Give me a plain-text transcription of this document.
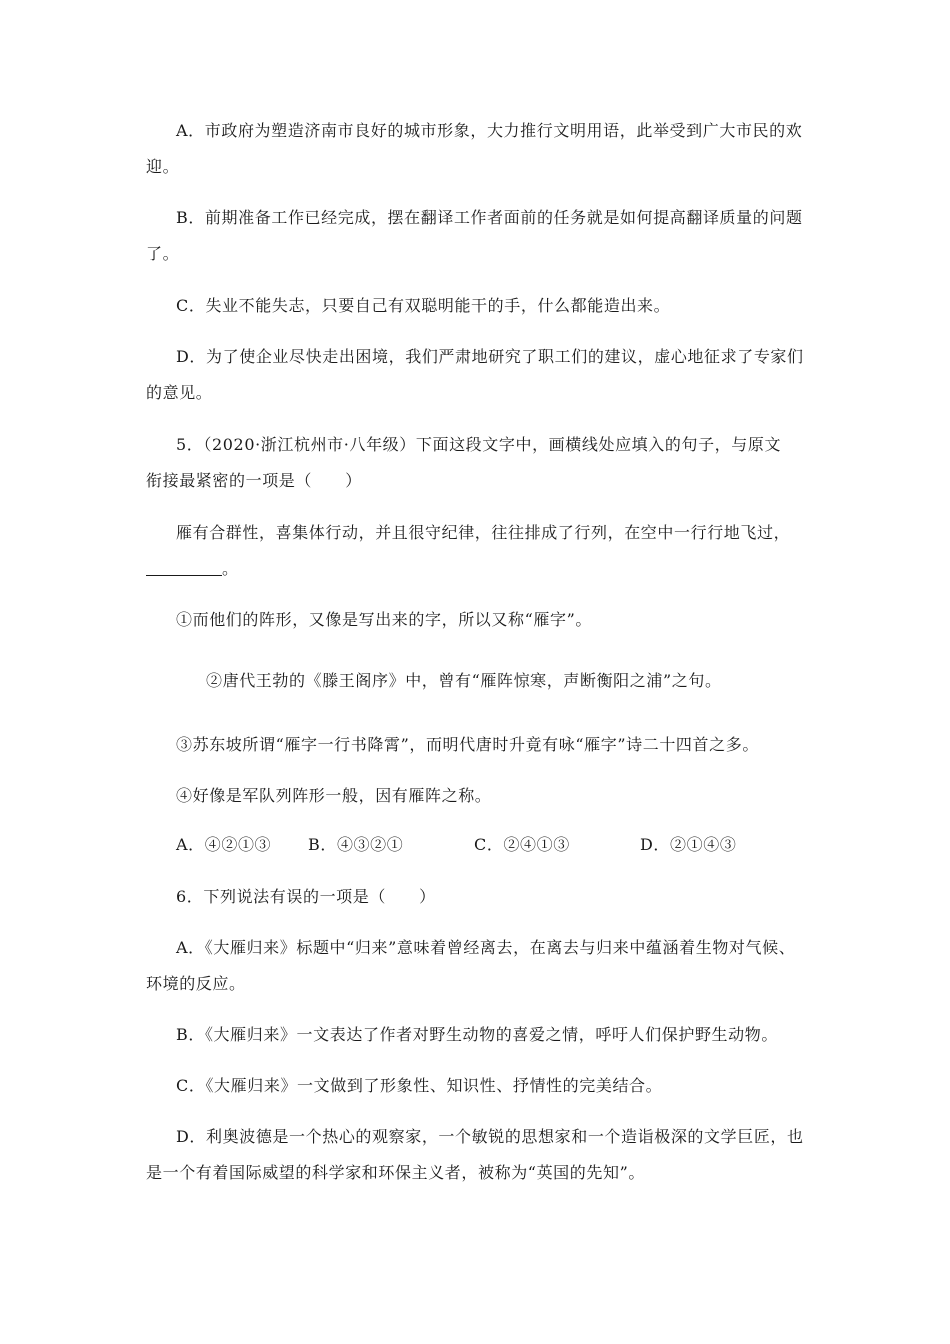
A．市政府为塑造济南市良好的城市形象，大力推行文明用语，此举受到广大市民的欢
迎。
B．前期准备工作已经完成，摆在翻译工作者面前的任务就是如何提高翻译质量的问题
了。
C．失业不能失志，只要自己有双聪明能干的手，什么都能造出来。
D．为了使企业尽快走出困境，我们严肃地研究了职工们的建议，虚心地征求了专家们
的意见。
5．（2020·浙江杭州市·八年级）下面这段文字中，画横线处应填入的句子，与原文
衔接最紧密的一项是（　　）
雁有合群性，喜集体行动，并且很守纪律，往往排成了行列，在空中一行行地飞过，
。
①而他们的阵形，又像是写出来的字，所以又称“雁字”。
②唐代王勃的《滕王阁序》中，曾有“雁阵惊寒，声断衡阳之浦”之句。
③苏东坡所谓“雁字一行书降霄”，而明代唐时升竟有咏“雁字”诗二十四首之多。
④好像是军队列阵形一般，因有雁阵之称。
A．④②①③ B．④③②①	C．②④①③	D．②①④③
6．下列说法有误的一项是（　　）
A．《大雁归来》标题中“归来”意味着曾经离去，在离去与归来中蕴涵着生物对气候、
环境的反应。
B．《大雁归来》一文表达了作者对野生动物的喜爱之情，呼吁人们保护野生动物。
C．《大雁归来》一文做到了形象性、知识性、抒情性的完美结合。
D．利奥波德是一个热心的观察家，一个敏锐的思想家和一个造诣极深的文学巨匠，也
是一个有着国际威望的科学家和环保主义者，被称为“英国的先知”。
